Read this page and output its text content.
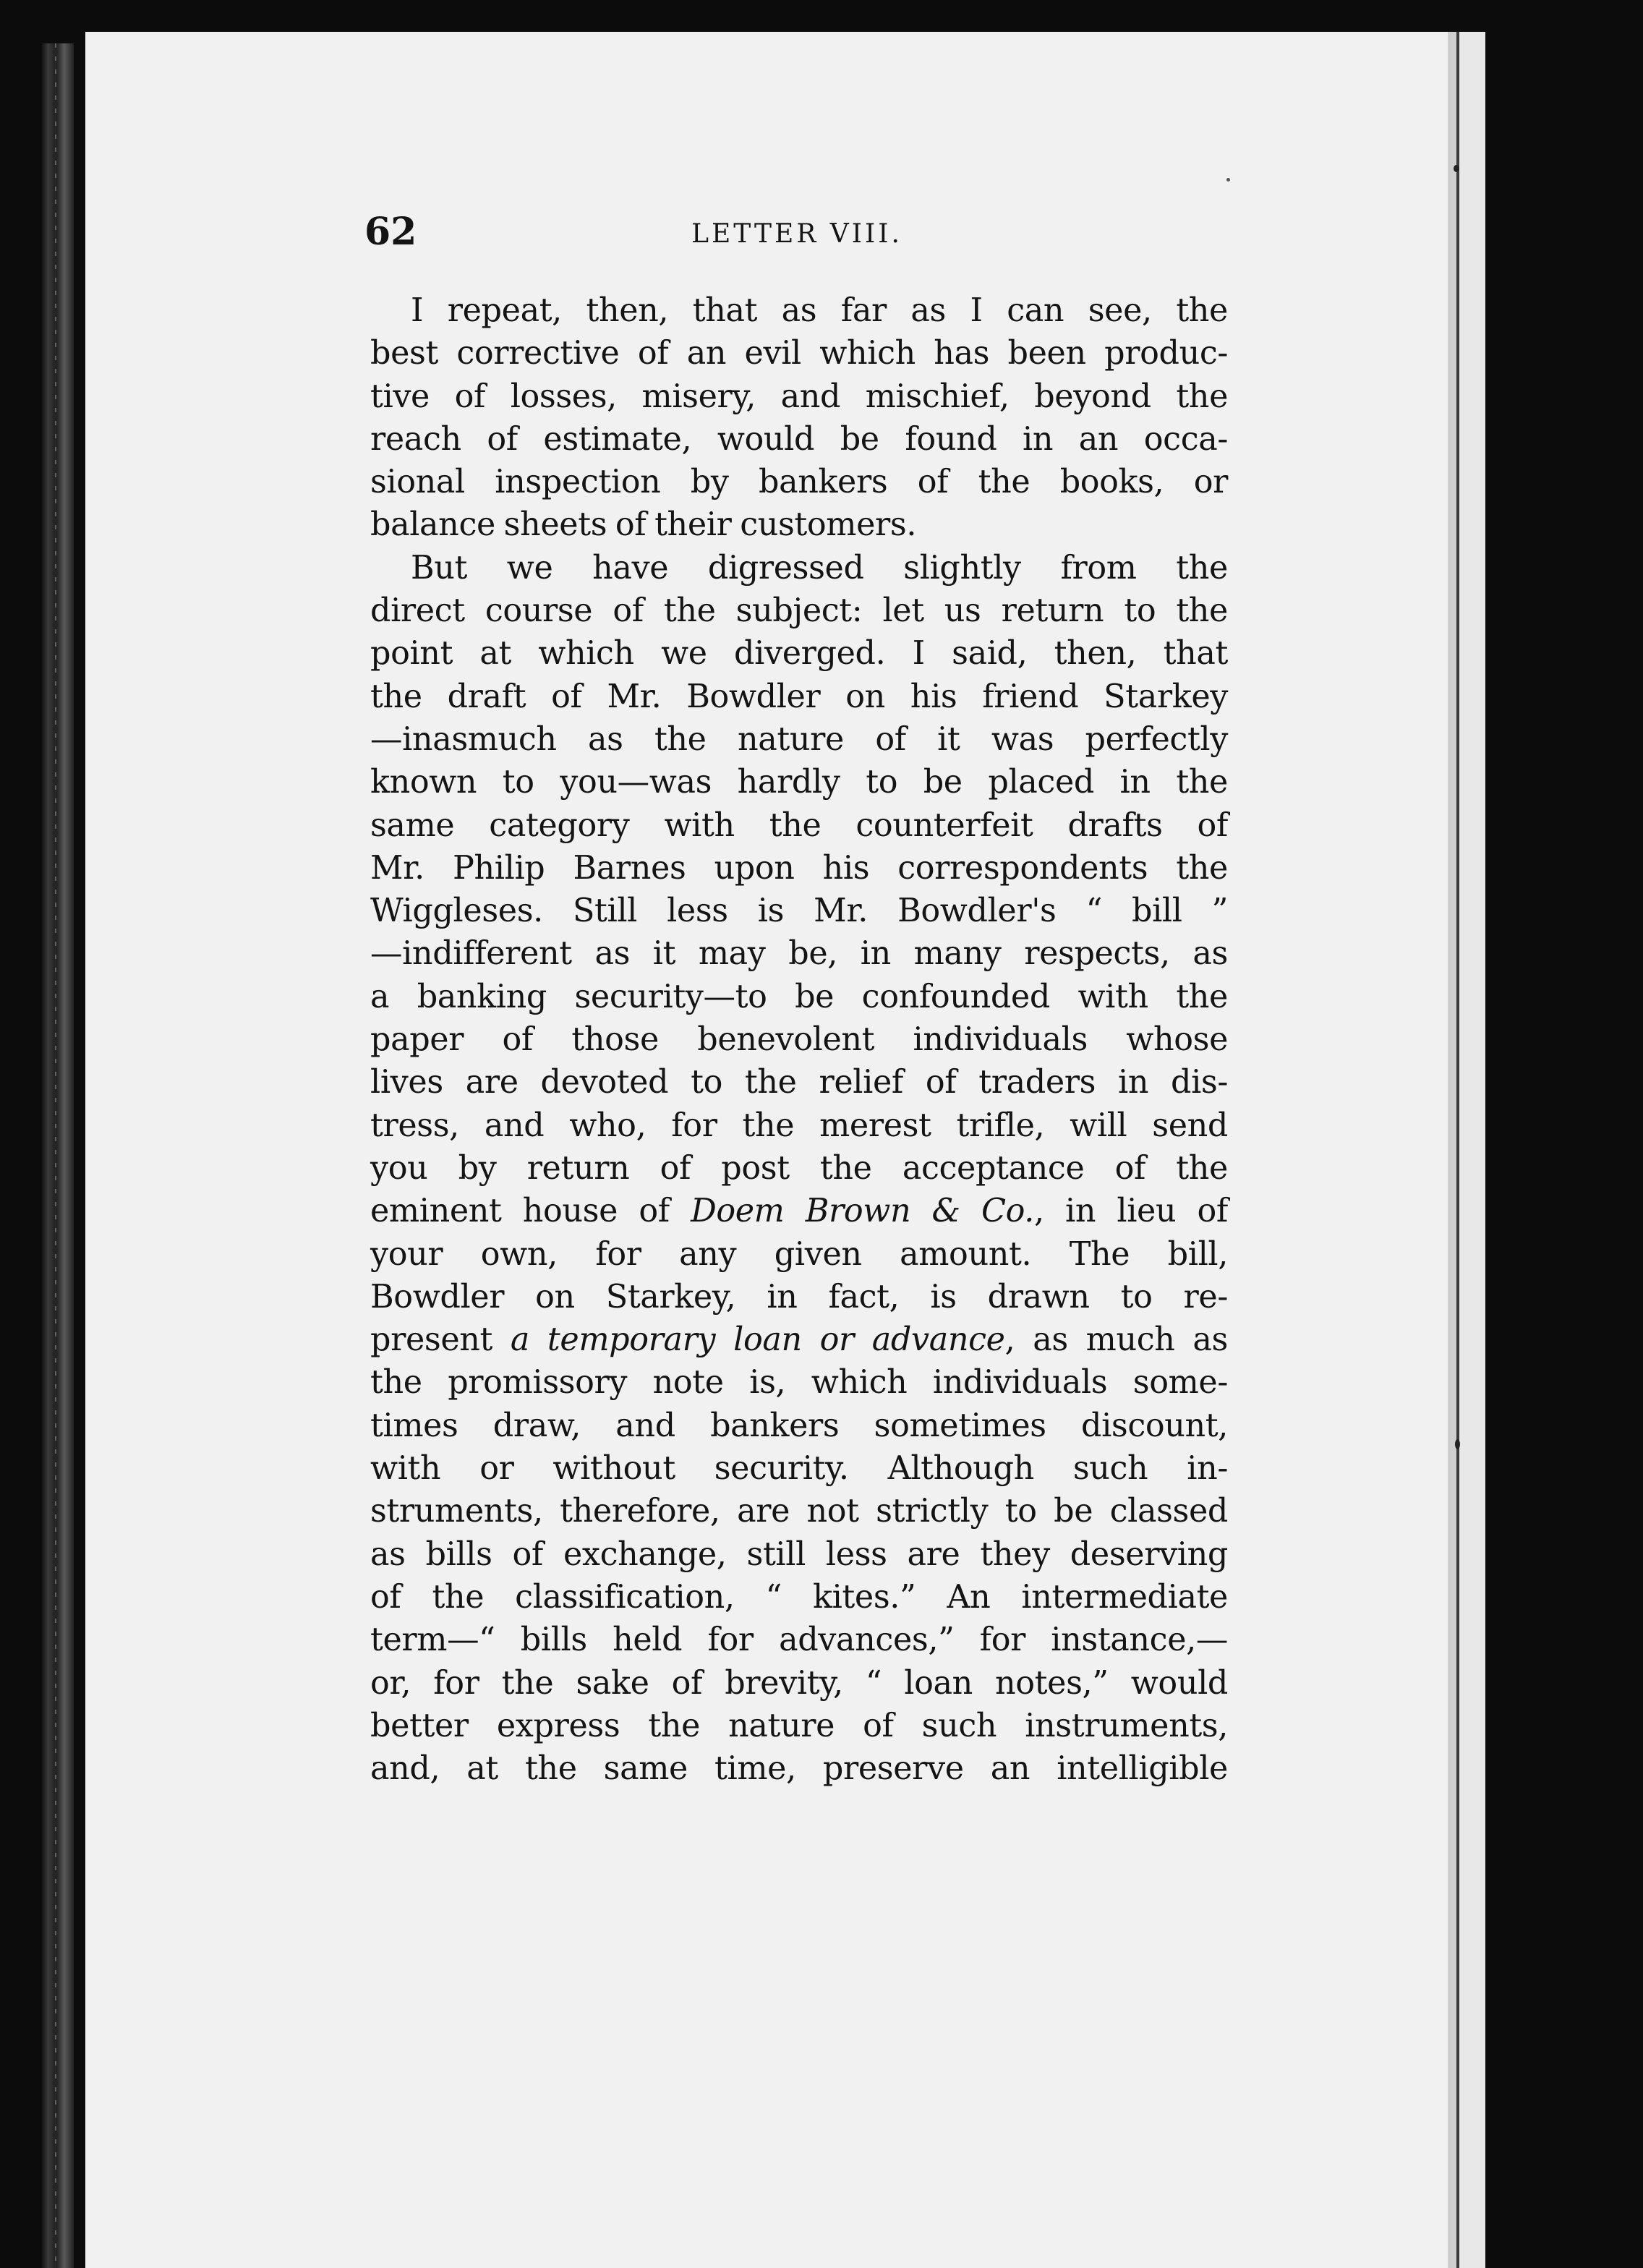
62	LETTER VIII.
I repeat, then, that as far as I can see, the
best corrective of an evil which has been produc-
tive of losses, misery, and mischief, beyond the
reach of estimate, would be found in an occa-
sional inspection by bankers of the books, or
balance sheets of their customers.
But we have digressed slightly from the
direct course of the subject: let us return to the
point at which we diverged. I said, then, that
the draft of Mr. Bowdler on his friend Starkey
—inasmuch as the nature of it was perfectly
known to you—was hardly to be placed in the
same category with the counterfeit drafts of
Mr. Philip Barnes upon his correspondents the
Wiggleses. Still less is Mr. Bowdler's “ bill ”
—indifferent as it may be, in many respects, as
a banking security—to be confounded with the
paper of those benevolent individuals whose
lives are devoted to the relief of traders in dis-
tress, and who, for the merest trifle, will send
you by return of post the acceptance of the
eminent house of Doem Brown & Co., in lieu of
your own, for any given amount. The bill,
Bowdler on Starkey, in fact, is drawn to re-
present a temporary loan or advance, as much as
the promissory note is, which individuals some-
times draw, and bankers sometimes discount,
with or without security. Although such in-
struments, therefore, are not strictly to be classed
as bills of exchange, still less are they deserving
of the classification, “ kites.” An intermediate
term—“ bills held for advances,” for instance,—
or, for the sake of brevity, “ loan notes,” would
better express the nature of such instruments,
and, at the same time, preserve an intelligible
